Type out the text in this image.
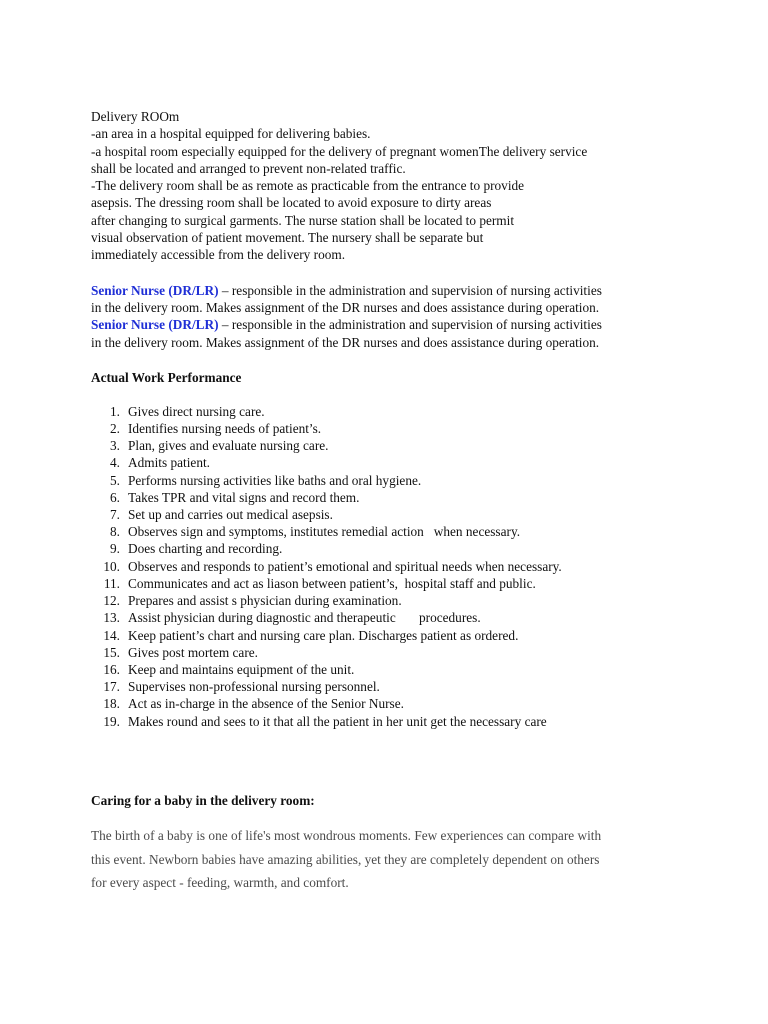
Delivery ROOm
-an area in a hospital equipped for delivering babies.
-a hospital room especially equipped for the delivery of pregnant womenThe delivery service
shall be located and arranged to prevent non-related traffic.
-The delivery room shall be as remote as practicable from the entrance to provide
asepsis. The dressing room shall be located to avoid exposure to dirty areas
after changing to surgical garments. The nurse station shall be located to permit
visual observation of patient movement. The nursery shall be separate but
immediately accessible from the delivery room.
Senior Nurse (DR/LR) – responsible in the administration and supervision of nursing activities
in the delivery room. Makes assignment of the DR nurses and does assistance during operation.
Senior Nurse (DR/LR) – responsible in the administration and supervision of nursing activities
in the delivery room. Makes assignment of the DR nurses and does assistance during operation.
Actual Work Performance
1. Gives direct nursing care.
2. Identifies nursing needs of patient’s.
3. Plan, gives and evaluate nursing care.
4. Admits patient.
5. Performs nursing activities like baths and oral hygiene.
6. Takes TPR and vital signs and record them.
7. Set up and carries out medical asepsis.
8. Observes sign and symptoms, institutes remedial action   when necessary.
9. Does charting and recording.
10. Observes and responds to patient’s emotional and spiritual needs when necessary.
11. Communicates and act as liason between patient’s,  hospital staff and public.
12. Prepares and assist s physician during examination.
13. Assist physician during diagnostic and therapeutic       procedures.
14. Keep patient’s chart and nursing care plan. Discharges patient as ordered.
15. Gives post mortem care.
16. Keep and maintains equipment of the unit.
17. Supervises non-professional nursing personnel.
18. Act as in-charge in the absence of the Senior Nurse.
19. Makes round and sees to it that all the patient in her unit get the necessary care
Caring for a baby in the delivery room:
The birth of a baby is one of life's most wondrous moments. Few experiences can compare with
this event. Newborn babies have amazing abilities, yet they are completely dependent on others
for every aspect - feeding, warmth, and comfort.
